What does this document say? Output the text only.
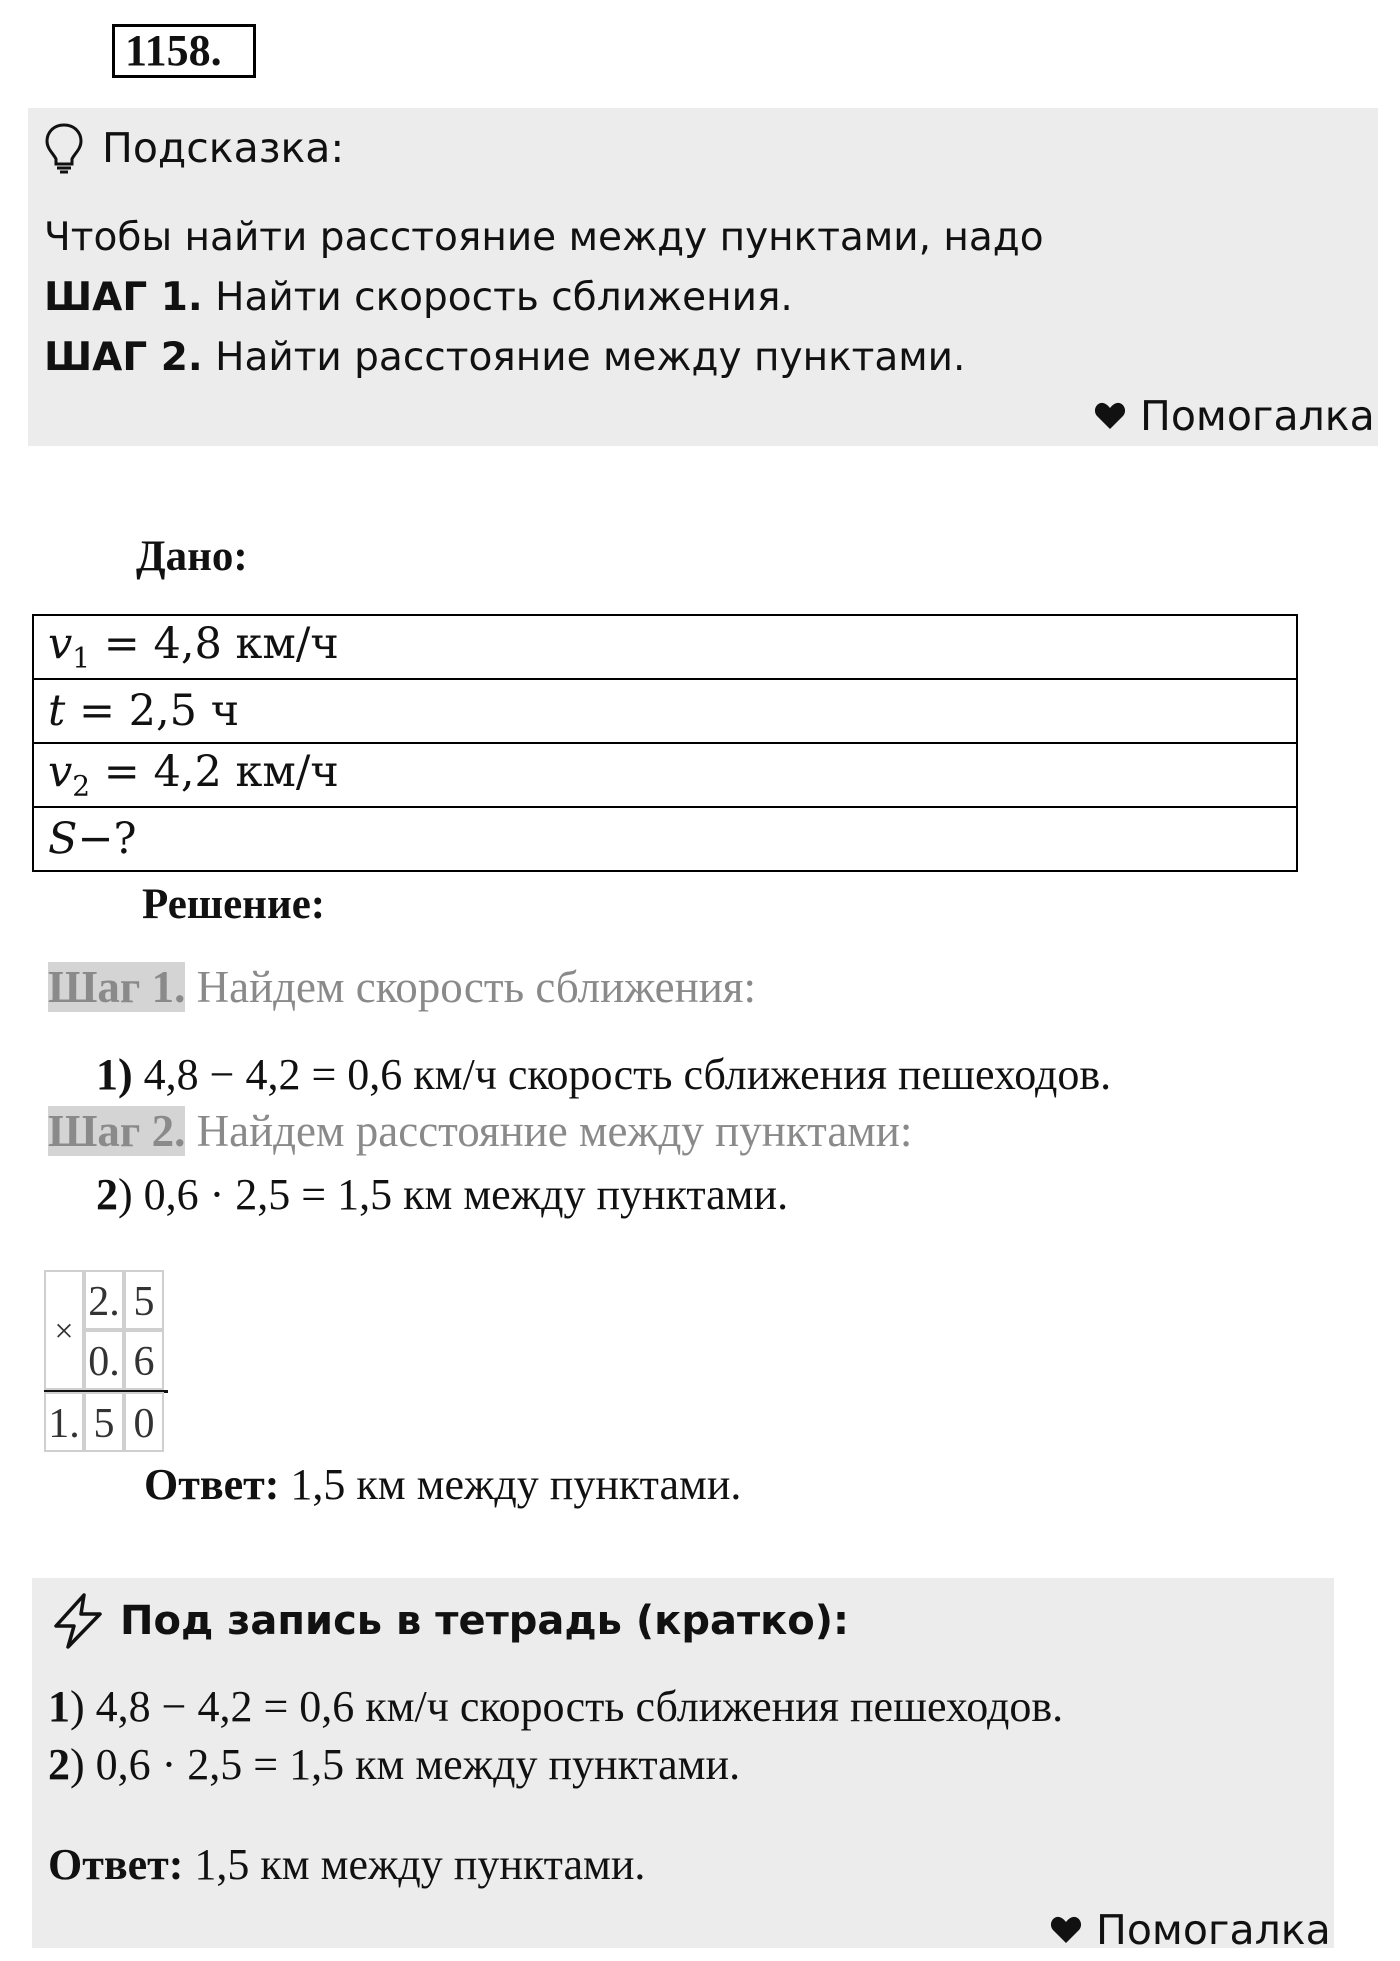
1158.
Подсказка:
Чтобы найти расстояние между пунктами, надо
ШАГ 1. Найти скорость сближения.
ШАГ 2. Найти расстояние между пунктами.
Помогалка
Дано:
$v_1 = 4,8$ км/ч
t = 2,5 ч
$v_2 = 4,2$ км/ч
S−?
Решение:
Шаг 1. Найдем скорость сближения:
1) 4,8 − 4,2 = 0,6 км/ч скорость сближения пешеходов.
Шаг 2. Найдем расстояние между пунктами:
2) 0,6 · 2,5 = 1,5 км между пунктами.
×
2. 5
0. 6
1. 5 0
Ответ: 1,5 км между пунктами.
Под запись в тетрадь (кратко):
1) 4,8 − 4,2 = 0,6 км/ч скорость сближения пешеходов.
2) 0,6 · 2,5 = 1,5 км между пунктами.
Ответ: 1,5 км между пунктами.
Помогалка
